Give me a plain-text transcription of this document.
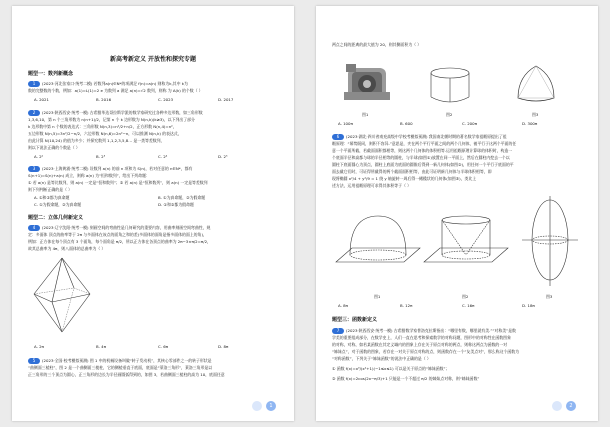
新高考新定义 开放性和探究专题
题型一：数列新概念
1	(2023·河北张家口·统考二模) 若数列a(n)∈N*的项满足 f(n)=a(n) 则称为k,其中 k为
数的完整数的个数，例如：a(1)=L(1)=2 e 为数列 a 满足 a(n)=√2 数列，则称 为 A(k) 的个数（ ）
A. 2021	B. 2016	C. 2023	D. 2017
2	(2023·陕西西安·统考一模) 古希腊毕达哥拉斯学派的数学家研究过各种多边形数，如三角形数
1,3,6,10，第 n 个三角形数为 n(n+1)/2，记第 n 个 k 边形数为 N(n,k)(k≥3)，以下列出了部分
k 边形数中第 n 个数的表达式：三角形数 N(n,3)=n²/2+n/2，正方形数 N(n,4)=n²，
五边形数 N(n,5)=3n²/2−n/2，六边形数 N(n,6)=2n²−n，可以推测 N(n,k) 的表达式，
由此计算 N(10,24) 的值为多少；并探究数列 1,1,2,3,5,8… 是一类等差数列，
则以下说法正确的个数是（ ）
A. 2²	B. 2³	C. 2⁴	D. 2⁵
3	(2023·上海黄浦·统考二模) 设数列 a(n) 的前 n 项和为 S(n)，若对任意的 n∈N*，都有
S(n+1)=S(n)+a(n) 成立，则称 a(n) 为“恒和数列”，给出下列命题：
① 若 a(n) 是等比数列，则 a(n) 一定是“恒和数列”；② 若 a(n) 是“恒和数列”，则 a(n) 一定是等差数列
则下列判断正确的是（ ）
A. ①和②都为真命题	B. ①为真命题，②为假命题
C. ①为假命题，②为真命题	D. ①和②都为假命题
题型二：立体几何新定义
4	(2023·辽宁沈阳·统考一模) 刻画空间的弯曲性是几何研究的重要内容，用曲率刻画空间弯曲性，规
定：多面体 顶点的曲率等于 2π 与多面体在该点的面角之和的差(多面体的面角是指多面体的面上的角)，
例如：正方体在每个顶点有 3 个面角，每个面角是 π/2，所以正方体在各顶点的曲率为 2π−3×π/2=π/2，
故其总曲率为 4π，则八面体的总曲率为（ ）
A. 2π	B. 4π	C. 6π	D. 8π
5	(2023·全国·校考模拟预测) 图 1 中的机械设备叫做“转子发动机”，其核心零部件之一的转子形状是
“曲侧面三棱柱”，图 2 是一个曲侧面三棱柱，它的侧棱垂直于底面，底面是“莱洛三角形”，莱洛三角形是以
正三角形的三个顶点为圆心，正三角形的边长为半径画圆弧得到的，如图 3，若曲侧面三棱柱的高为 10，底面任意
1
两点之间的距离的最大值为 20，则其侧面积为（ ）
图1	图2	图3
A. 100π	B. 600	C. 200π	D. 300π
6	(2023·湖北·四川省南充高级中学校考模拟预测) 我国南北朝时期的著名数学家祖暅原提出了祖
暅原理：“幂势既同，则积不容异.”意思是，夹在两个平行平面之间的两个几何体，被平行于这两个平面的任
意一个平面所截，若截面面积都相等，则这两个几何体的体积相等.运用祖暅原理计算球的体积时，构造一
个底面半径和高都与球的半径相等的圆柱，与半球(如图①)放置在同一平面上，然后在圆柱内挖去一个以
圆柱下底面圆心为顶点，圆柱上底面为底面的圆锥后得到一新几何体(如图②)，用任何一个平行于底面的平
面去截它们时，可证得所截得的两个截面面积相等，由此可证明新几何体与半球体积相等，即
现将椭圆 x²/4 + y²/9 = 1 绕 y 轴旋转一周后得一橄榄状的几何体(如图③)，类比上
述方法，运用祖暅原理可求得其体积等于（ ）
图1	图2	图3
A. 8π	B. 12π	C. 16π	D. 18π
题型三：函数新定义
7	(2023·陕西西安·统考一模) 古希腊数学家普洛克拉斯指出：“哪里有数，哪里就有美.”“对称美”是数
学美的重要组成部分，在数学史上，人们一直在思考和探索数学的对称问题，图形中的对称性在函数图象
的对称，对称，如若某函数在其定义域内的图象上存在关于原点对称的两点，则称这两点为函数的一对
“姊妹点”，对于函数的图象，若存在一对关于原点对称的点，则函数存在一个“友美点对”，那么称这个函数为
“对称函数”，下列关于“姊妹函数”的说法中正确的是（ ）
① 函数 f(x)=x³/(x²+1)(−1≤x≤1) 可以是关于原点的“姊妹函数”；
② 函数 f(x)=2cos(2x−π/3)+1 只能是一个不超过 π/2 的姊妹点对称，则“姊妹函数”
2
